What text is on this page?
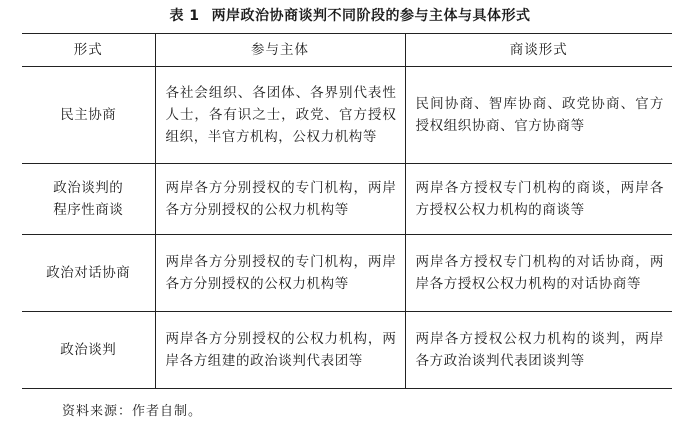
表 1 两岸政治协商谈判不同阶段的参与主体与具体形式
形式	参与主体	商谈形式
民主协商	各社会组织、各团体、各界别代表性人士，各有识之士，政党、官方授权组织，半官方机构，公权力机构等	民间协商、智库协商、政党协商、官方授权组织协商、官方协商等
政治谈判的程序性商谈	两岸各方分别授权的专门机构，两岸各方分别授权的公权力机构等	两岸各方授权专门机构的商谈，两岸各方授权公权力机构的商谈等
政治对话协商	两岸各方分别授权的专门机构，两岸各方分别授权的公权力机构等	两岸各方授权专门机构的对话协商，两岸各方授权公权力机构的对话协商等
政治谈判	两岸各方分别授权的公权力机构，两岸各方组建的政治谈判代表团等	两岸各方授权公权力机构的谈判，两岸各方政治谈判代表团谈判等
资料来源：作者自制。
